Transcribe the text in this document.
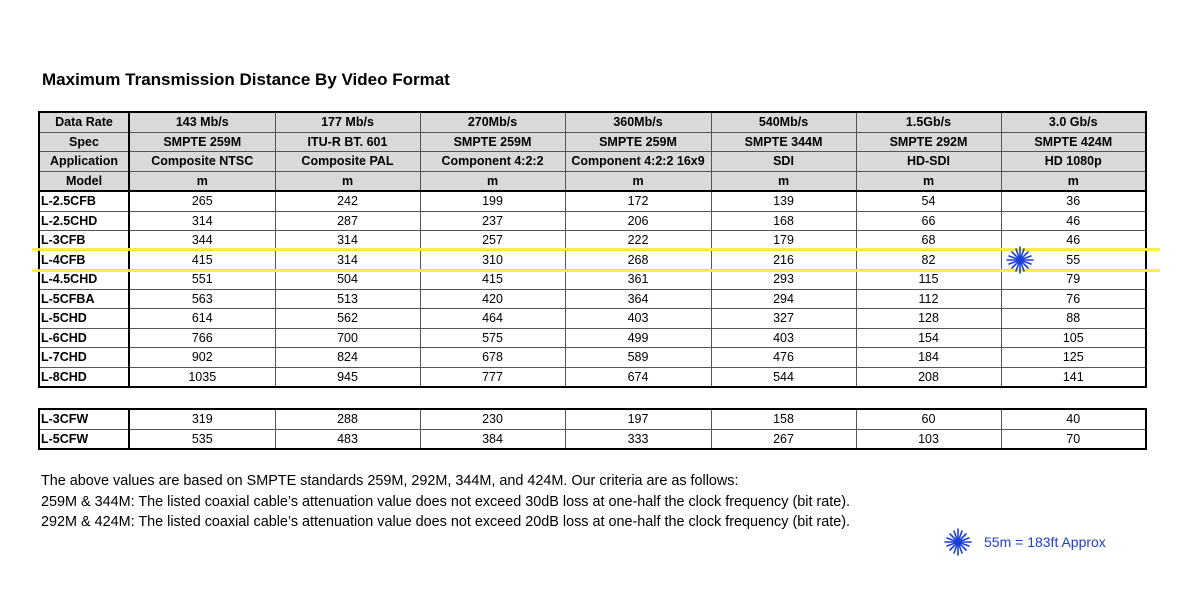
Maximum Transmission Distance By Video Format
Data Rate	143 Mb/s	177 Mb/s	270Mb/s	360Mb/s	540Mb/s	1.5Gb/s	3.0 Gb/s
Spec	SMPTE 259M	ITU-R BT. 601	SMPTE 259M	SMPTE 259M	SMPTE 344M	SMPTE 292M	SMPTE 424M
Application	Composite NTSC	Composite PAL	Component 4:2:2	Component 4:2:2 16x9	SDI	HD-SDI	HD 1080p
Model	m	m	m	m	m	m	m
L-2.5CFB	265	242	199	172	139	54	36
L-2.5CHD	314	287	237	206	168	66	46
L-3CFB	344	314	257	222	179	68	46
L-4CFB	415	314	310	268	216	82	55
L-4.5CHD	551	504	415	361	293	115	79
L-5CFBA	563	513	420	364	294	112	76
L-5CHD	614	562	464	403	327	128	88
L-6CHD	766	700	575	499	403	154	105
L-7CHD	902	824	678	589	476	184	125
L-8CHD	1035	945	777	674	544	208	141
L-3CFW	319	288	230	197	158	60	40
L-5CFW	535	483	384	333	267	103	70
The above values are based on SMPTE standards 259M, 292M, 344M, and 424M. Our criteria are as follows:
259M & 344M: The listed coaxial cable’s attenuation value does not exceed 30dB loss at one-half the clock frequency (bit rate).
292M & 424M: The listed coaxial cable’s attenuation value does not exceed 20dB loss at one-half the clock frequency (bit rate).
55m = 183ft Approx
